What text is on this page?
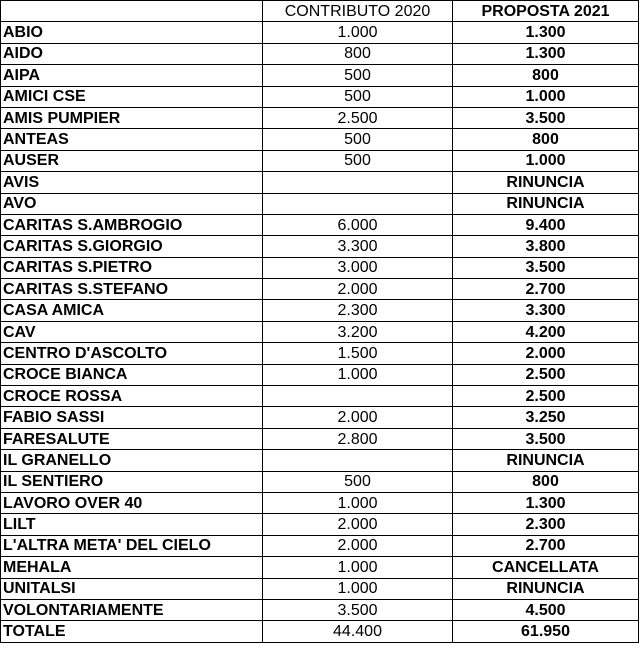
	CONTRIBUTO 2020	PROPOSTA 2021
ABIO	1.000	1.300
AIDO	800	1.300
AIPA	500	800
AMICI CSE	500	1.000
AMIS PUMPIER	2.500	3.500
ANTEAS	500	800
AUSER	500	1.000
AVIS		RINUNCIA
AVO		RINUNCIA
CARITAS S.AMBROGIO	6.000	9.400
CARITAS S.GIORGIO	3.300	3.800
CARITAS S.PIETRO	3.000	3.500
CARITAS S.STEFANO	2.000	2.700
CASA AMICA	2.300	3.300
CAV	3.200	4.200
CENTRO D'ASCOLTO	1.500	2.000
CROCE BIANCA	1.000	2.500
CROCE ROSSA		2.500
FABIO SASSI	2.000	3.250
FARESALUTE	2.800	3.500
IL GRANELLO		RINUNCIA
IL SENTIERO	500	800
LAVORO OVER 40	1.000	1.300
LILT	2.000	2.300
L'ALTRA META' DEL CIELO	2.000	2.700
MEHALA	1.000	CANCELLATA
UNITALSI	1.000	RINUNCIA
VOLONTARIAMENTE	3.500	4.500
TOTALE	44.400	61.950
